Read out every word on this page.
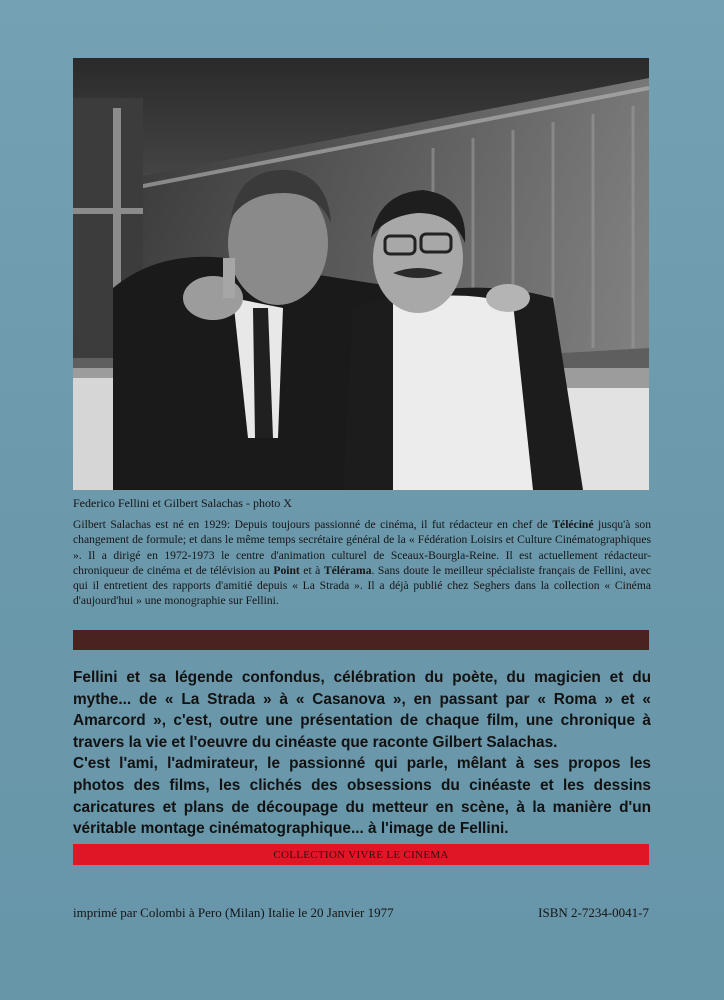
Federico Fellini et Gilbert Salachas - photo X
Gilbert Salachas est né en 1929: Depuis toujours passionné de cinéma, il fut rédacteur en chef de Téléciné jusqu'à son changement de formule; et dans le même temps secrétaire général de la « Fédération Loisirs et Culture Cinématographiques ». Il a dirigé en 1972-1973 le centre d'animation culturel de Sceaux-Bourgla-Reine. Il est actuellement rédacteur-chroniqueur de cinéma et de télévision au Point et à Télérama. Sans doute le meilleur spécialiste français de Fellini, avec qui il entretient des rapports d'amitié depuis « La Strada ». Il a déjà publié chez Seghers dans la collection « Cinéma d'aujourd'hui » une monographie sur Fellini.

Fellini et sa légende confondus, célébration du poète, du magicien et du mythe... de « La Strada » à « Casanova », en passant par « Roma » et « Amarcord », c'est, outre une présentation de chaque film, une chronique à travers la vie et l'oeuvre du cinéaste que raconte Gilbert Salachas.

C'est l'ami, l'admirateur, le passionné qui parle, mêlant à ses propos les photos des films, les clichés des obsessions du cinéaste et les dessins caricatures et plans de découpage du metteur en scène, à la manière d'un véritable montage cinématographique... à l'image de Fellini.

COLLECTION VIVRE LE CINEMA
imprimé par Colombi à Pero (Milan) Italie le 20 Janvier 1977	ISBN 2-7234-0041-7
